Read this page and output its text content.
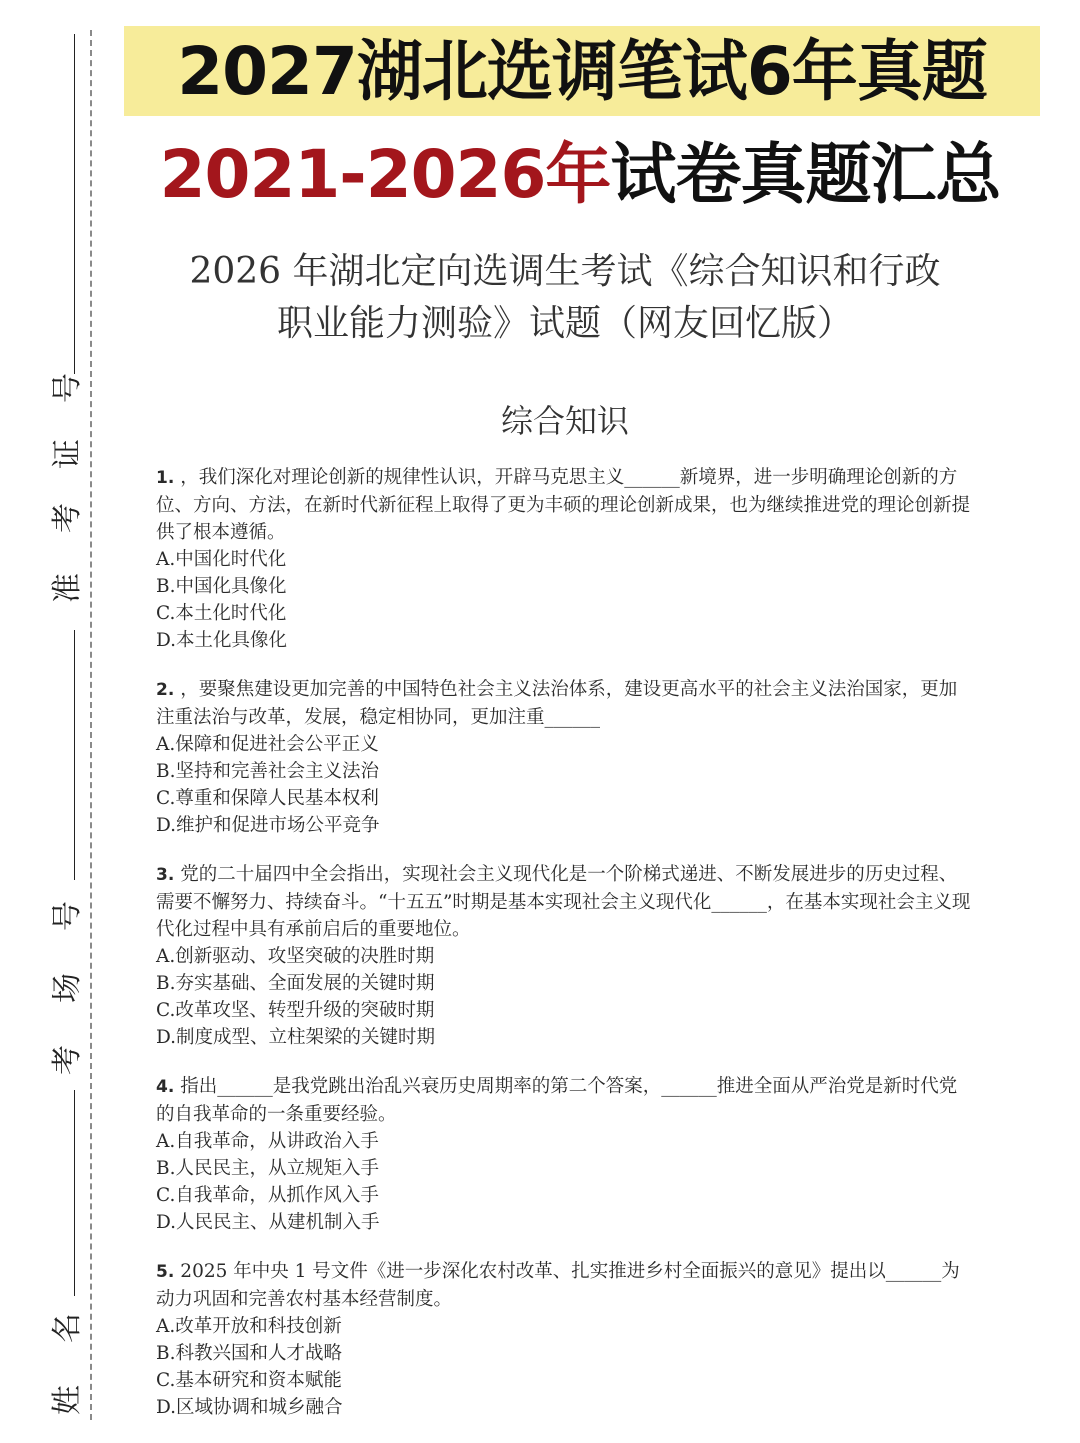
号
证
考
准
号
场
考
名
姓
2027湖北选调笔试6年真题
2021-2026年试卷真题汇总
2026 年湖北定向选调生考试《综合知识和行政
职业能力测验》试题（网友回忆版）
综合知识
1. ，我们深化对理论创新的规律性认识，开辟马克思主义______新境界，进一步明确理论创新的方位、方向、方法，在新时代新征程上取得了更为丰硕的理论创新成果，也为继续推进党的理论创新提供了根本遵循。
A.中国化时代化
B.中国化具像化
C.本土化时代化
D.本土化具像化
2. ，要聚焦建设更加完善的中国特色社会主义法治体系，建设更高水平的社会主义法治国家，更加注重法治与改革，发展，稳定相协同，更加注重______
A.保障和促进社会公平正义
B.坚持和完善社会主义法治
C.尊重和保障人民基本权利
D.维护和促进市场公平竞争
3. 党的二十届四中全会指出，实现社会主义现代化是一个阶梯式递进、不断发展进步的历史过程、需要不懈努力、持续奋斗。“十五五”时期是基本实现社会主义现代化______，在基本实现社会主义现代化过程中具有承前启后的重要地位。
A.创新驱动、攻坚突破的决胜时期
B.夯实基础、全面发展的关键时期
C.改革攻坚、转型升级的突破时期
D.制度成型、立柱架梁的关键时期
4. 指出______是我党跳出治乱兴衰历史周期率的第二个答案，______推进全面从严治党是新时代党的自我革命的一条重要经验。
A.自我革命，从讲政治入手
B.人民民主，从立规矩入手
C.自我革命，从抓作风入手
D.人民民主、从建机制入手
5. 2025 年中央 1 号文件《进一步深化农村改革、扎实推进乡村全面振兴的意见》提出以______为动力巩固和完善农村基本经营制度。
A.改革开放和科技创新
B.科教兴国和人才战略
C.基本研究和资本赋能
D.区域协调和城乡融合
